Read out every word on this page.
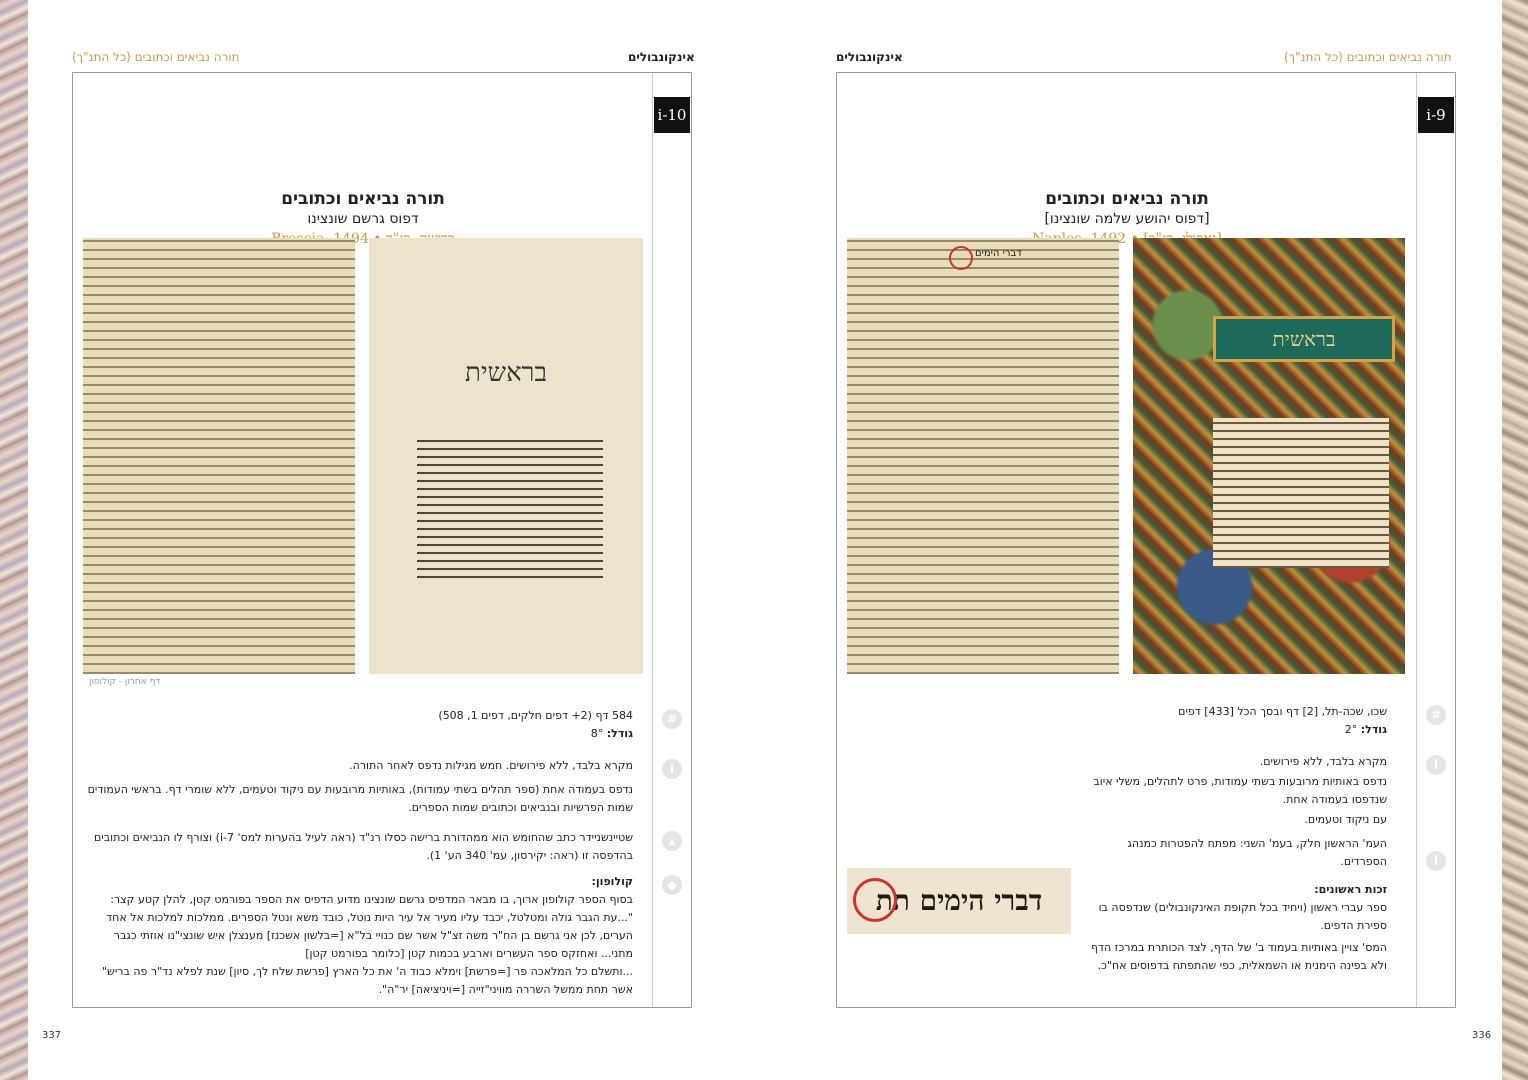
תורה נביאים וכתובים (כל התנ"ך)	אינקונבולים
i-10
#
i
▴
◆
תורה נביאים וכתובים
דפוס גרשם שונצינו
בראשית
דף אחרון - קולופון

584 דף (2+ דפים חלקים, דפים 1, 508)

גודל: 8°

מקרא בלבד, ללא פירושים. חמש מגילות נדפס לאחר התורה.

נדפס בעמודה אחת (ספר תהלים בשתי עמודות), באותיות מרובעות עם ניקוד וטעמים, ללא שומרי דף. בראשי העמודים שמות הפרשיות ובנביאים וכתובים שמות הספרים.

שטיינשניידר כתב שהחומש הוא ממהדורת ברישה כסלו רנ"ד (ראה לעיל בהערות למס' i-7) וצורף לו הנביאים וכתובים בהדפסה זו (ראה: יקירסון, עמ' 340 הע' 1).

קולופון:

בסוף הספר קולופון ארוך, בו מבאר המדפיס גרשם שונצינו מדוע הדפיס את הספר בפורמט קטן, להלן קטע קצר:

"...עת הגבר גולה ומטלטל, יכבד עליו מעיר אל עיר היות נוטל, כובד משא ונטל הספרים. ממלכות למלכות אל אחד הערים, לכן אני גרשם בן הח"ר משה זצ"ל אשר שם כנויי בל"א [=בלשון אשכנז] מענצלן איש שונצי"נו אוזתי כגבר מתני... ואחזקס ספר העשרים וארבע בכמות קטן [כלומר בפורמט קטן]

...ותשלם כל המלאכה פר [=פרשת] וימלא כבוד ה' את כל הארץ [פרשת שלח לך, סיון] שנת לפלא נד"ר פה בריש" אשר תחת ממשל השררה מוויני"זייה [=ויניציאה] יר"ה".

337
אינקונבולים	תורה נביאים וכתובים (כל התנ"ך)
i-9
#
i
i
תורה נביאים וכתובים
[דפוס יהושע שלמה שונצינו]
דברי הימים
בראשית

שכו, שכה-תל, [2] דף ובסך הכל [433] דפים

גודל: 2°

מקרא בלבד, ללא פירושים.

נדפס באותיות מרובעות בשתי עמודות, פרט לתהלים, משלי איוב שנדפסו בעמודה אחת.

עם ניקוד וטעמים.

העמ' הראשון חלק, בעמ' השני: מפתח להפטרות כמנהג הספרדים.

זכות ראשונים:

ספר עברי ראשון (ויחיד בכל תקופת האינקונבולים) שנדפסה בו ספירת הדפים.

המס' צויין באותיות בעמוד ב' של הדף, לצד הכותרת במרכז הדף ולא בפינה הימנית או השמאלית, כפי שהתפתח בדפוסים אח"כ.

דברי הימים תת
336
